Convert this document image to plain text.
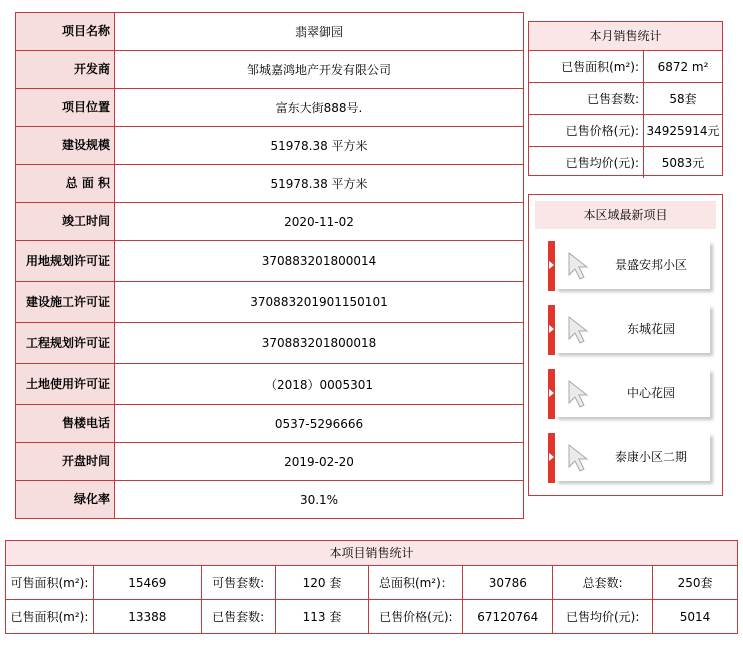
项目名称	翡翠御园
开发商	邹城嘉鸿地产开发有限公司
项目位置	富东大街888号.
建设规模	51978.38 平方米
总 面 积	51978.38 平方米
竣工时间	2020-11-02
用地规划许可证	370883201800014
建设施工许可证	370883201901150101
工程规划许可证	370883201800018
土地使用许可证	（2018）0005301
售楼电话	0537-5296666
开盘时间	2019-02-20
绿化率	30.1%
本月销售统计
已售面积(m²):	6872 m²
已售套数:	58套
已售价格(元):	34925914元
已售均价(元):	5083元
本区域最新项目
景盛安邦小区
东城花园
中心花园
泰康小区二期
本项目销售统计							
可售面积(m²):	15469	可售套数:	120 套	总面积(m²)：	30786	总套数:	250套
已售面积(m²):	13388	已售套数:	113 套	已售价格(元):	67120764	已售均价(元):	5014
